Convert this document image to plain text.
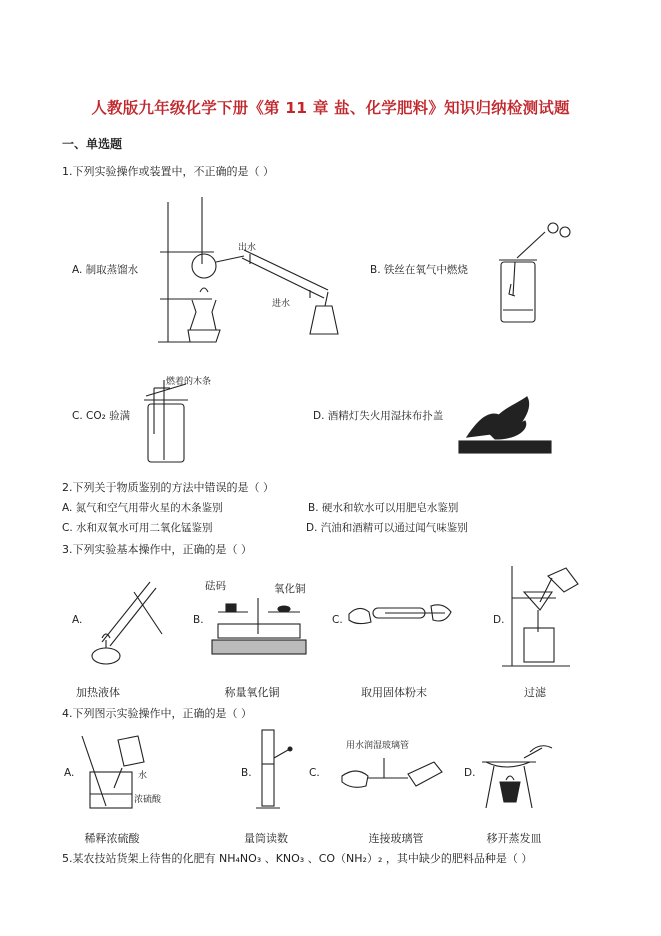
人教版九年级化学下册《第 11 章 盐、化学肥料》知识归纳检测试题
一、单选题
1.下列实验操作或装置中，不正确的是（ ）
A. 制取蒸馏水
出水
进水
B. 铁丝在氧气中燃烧
C. CO₂ 验满
燃着的木条
D. 酒精灯失火用湿抹布扑盖
2.下列关于物质鉴别的方法中错误的是（ ）
A. 氮气和空气用带火星的木条鉴别	B. 硬水和软水可以用肥皂水鉴别
C. 水和双氧水可用二氧化锰鉴别	D. 汽油和酒精可以通过闻气味鉴别
3.下列实验基本操作中，正确的是（ ）
A.
加热液体
B.
砝码	氧化铜
称量氧化铜
C.
取用固体粉末
D.
过滤
4.下列图示实验操作中，正确的是（ ）
A.	水
浓硫酸
稀释浓硫酸
B.
量筒读数
C.
用水润湿玻璃管
连接玻璃管
D.
移开蒸发皿
5.某农技站货架上待售的化肥有 NH₄NO₃ 、KNO₃ 、CO（NH₂）₂ ，其中缺少的肥料品种是（ ）
